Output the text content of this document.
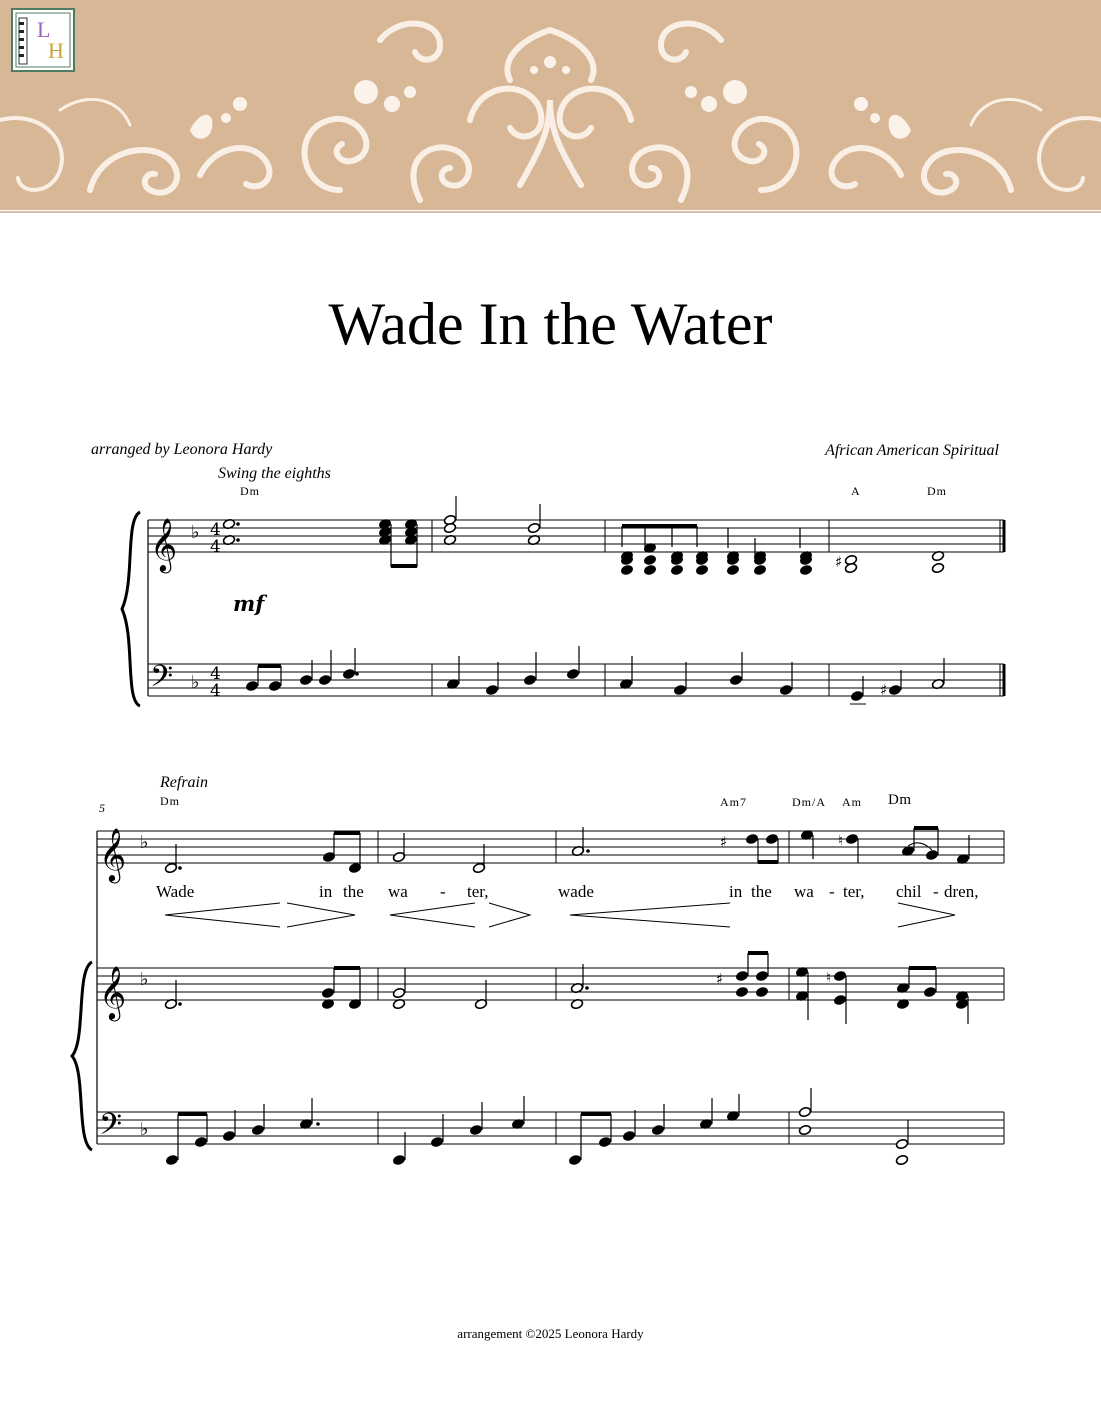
L
H
𝄞
𝄢
𝄞
𝄞
𝄢
♭
♭
♭
♭
♭
4
4
4
4
♯
♯
♯	♮
♯	♮
Wade In the Water
arranged by Leonora Hardy	African American Spiritual
Swing the eighths
mf
Dm	A	Dm
Refrain
5	Dm	Am7	Dm/A Am Dm
Wade	in the wa - ter,	wade	in the wa - ter, chil - dren,
arrangement ©2025 Leonora Hardy
